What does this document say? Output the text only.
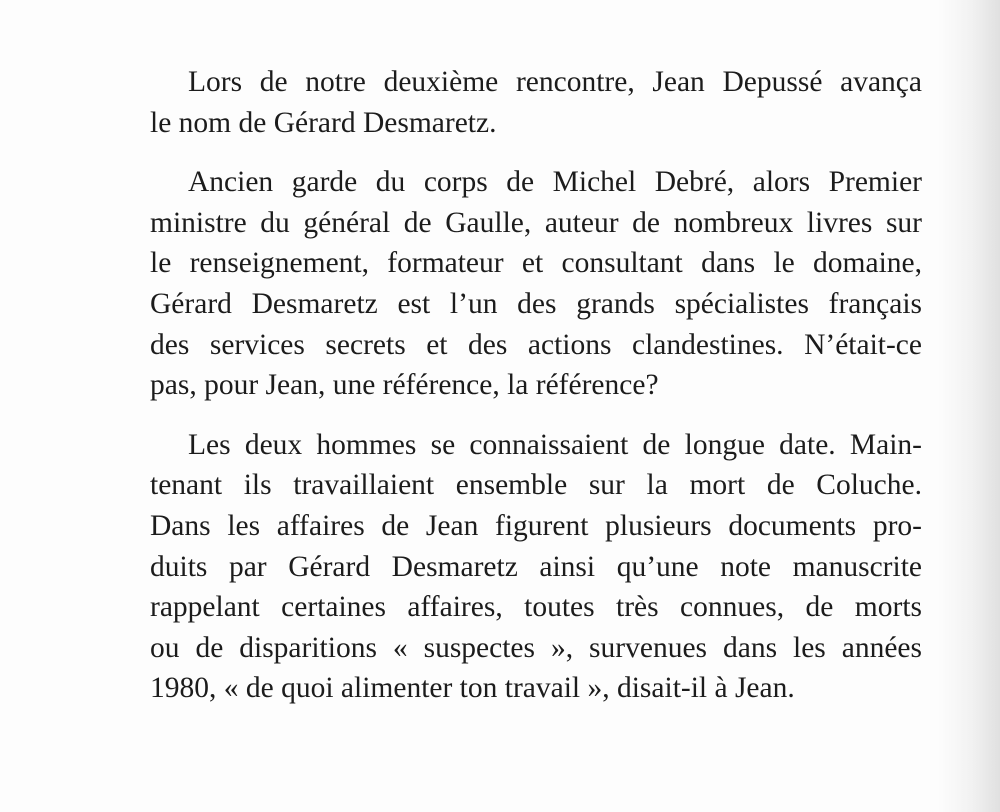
Lors de notre deuxième rencontre, Jean Depussé avança
le nom de Gérard Desmaretz.
Ancien garde du corps de Michel Debré, alors Premier
ministre du général de Gaulle, auteur de nombreux livres sur
le renseignement, formateur et consultant dans le domaine,
Gérard Desmaretz est l’un des grands spécialistes français
des services secrets et des actions clandestines. N’était-ce
pas, pour Jean, une référence, la référence?
Les deux hommes se connaissaient de longue date. Main-
tenant ils travaillaient ensemble sur la mort de Coluche.
Dans les affaires de Jean figurent plusieurs documents pro-
duits par Gérard Desmaretz ainsi qu’une note manuscrite
rappelant certaines affaires, toutes très connues, de morts
ou de disparitions « suspectes », survenues dans les années
1980, « de quoi alimenter ton travail », disait-il à Jean.
